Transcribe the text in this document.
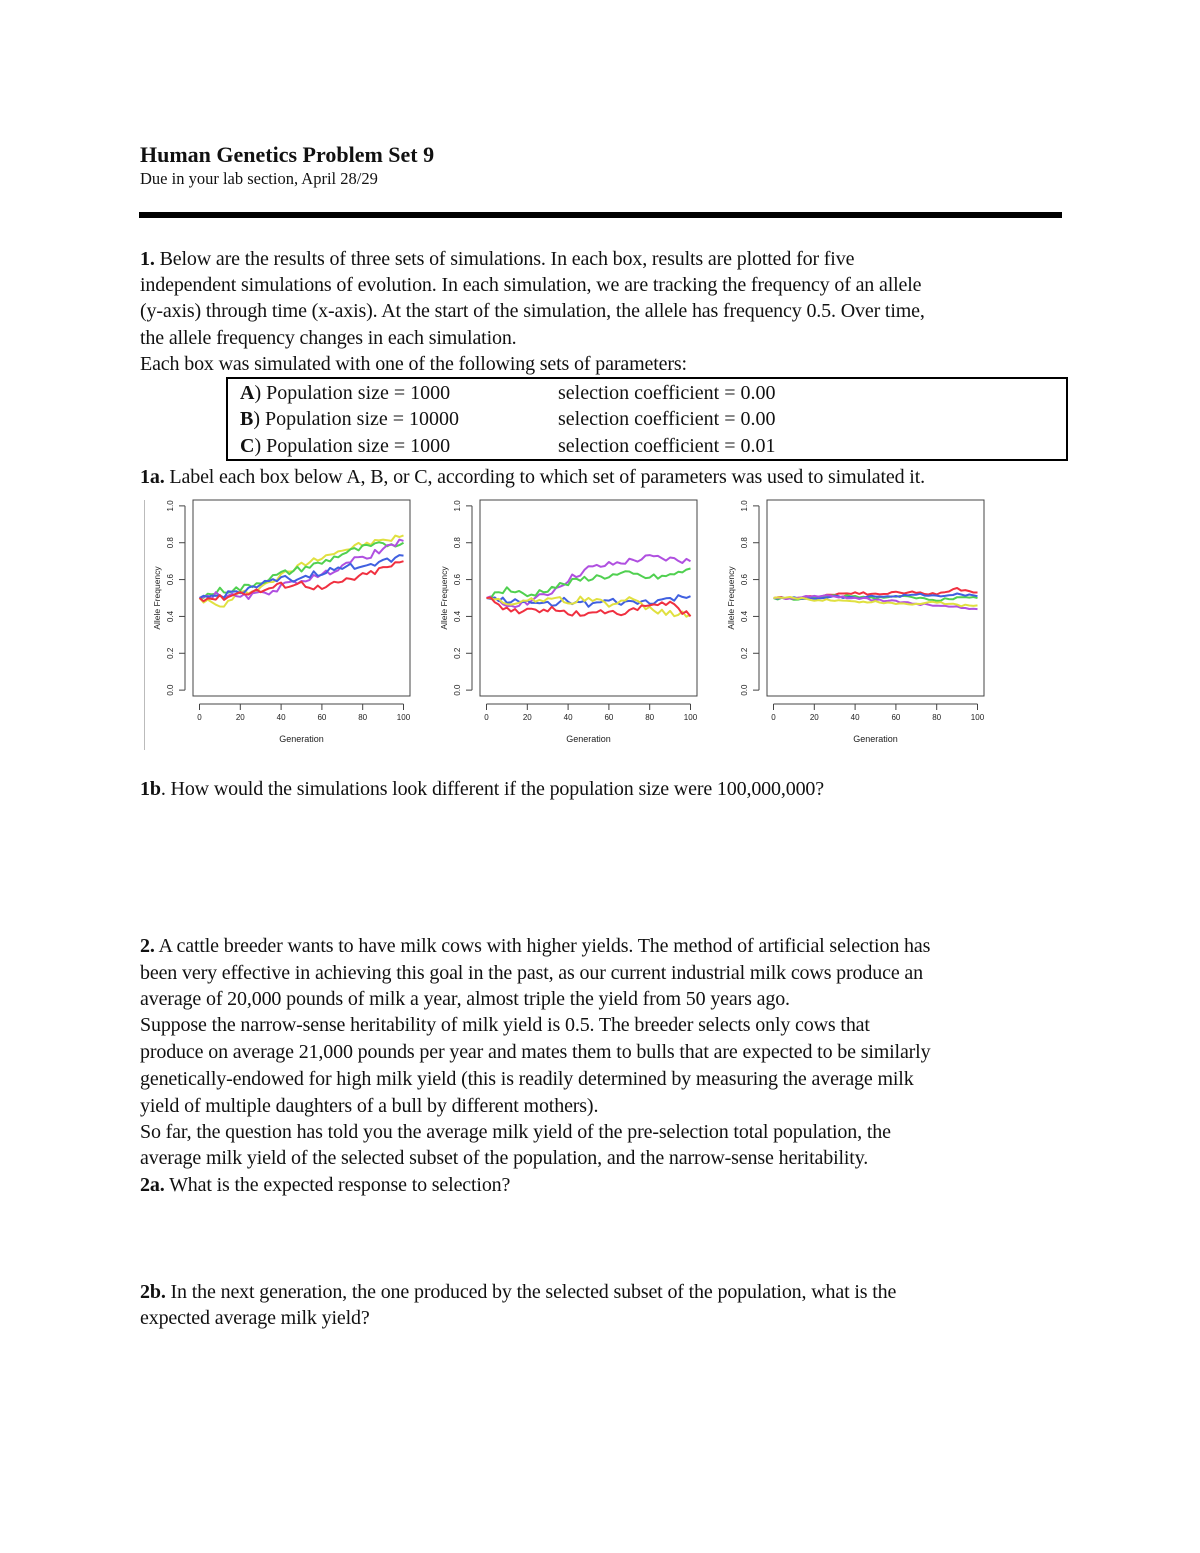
Human Genetics Problem Set 9
Due in your lab section, April 28/29
1. Below are the results of three sets of simulations. In each box, results are plotted for five
independent simulations of evolution. In each simulation, we are tracking the frequency of an allele
(y-axis) through time (x-axis). At the start of the simulation, the allele has frequency 0.5. Over time,
the allele frequency changes in each simulation.
Each box was simulated with one of the following sets of parameters:
A) Population size = 1000	selection coefficient = 0.00
B) Population size = 10000	selection coefficient = 0.00
C) Population size = 1000	selection coefficient = 0.01
1a. Label each box below A, B, or C, according to which set of parameters was used to simulated it.
0.0
0.2
0.4
0.6
0.8
1.0
0	20	40	60	80	100
Generation
Allele Frequency
0.0
0.2
0.4
0.6
0.8
1.0
0	20	40	60	80	100
Generation
Allele Frequency
0.0
0.2
0.4
0.6
0.8
1.0
0	20	40	60	80	100
Generation
Allele Frequency
1b. How would the simulations look different if the population size were 100,000,000?
2. A cattle breeder wants to have milk cows with higher yields. The method of artificial selection has
been very effective in achieving this goal in the past, as our current industrial milk cows produce an
average of 20,000 pounds of milk a year, almost triple the yield from 50 years ago.
Suppose the narrow-sense heritability of milk yield is 0.5. The breeder selects only cows that
produce on average 21,000 pounds per year and mates them to bulls that are expected to be similarly
genetically-endowed for high milk yield (this is readily determined by measuring the average milk
yield of multiple daughters of a bull by different mothers).
So far, the question has told you the average milk yield of the pre-selection total population, the
average milk yield of the selected subset of the population, and the narrow-sense heritability.
2a. What is the expected response to selection?
2b. In the next generation, the one produced by the selected subset of the population, what is the
expected average milk yield?
